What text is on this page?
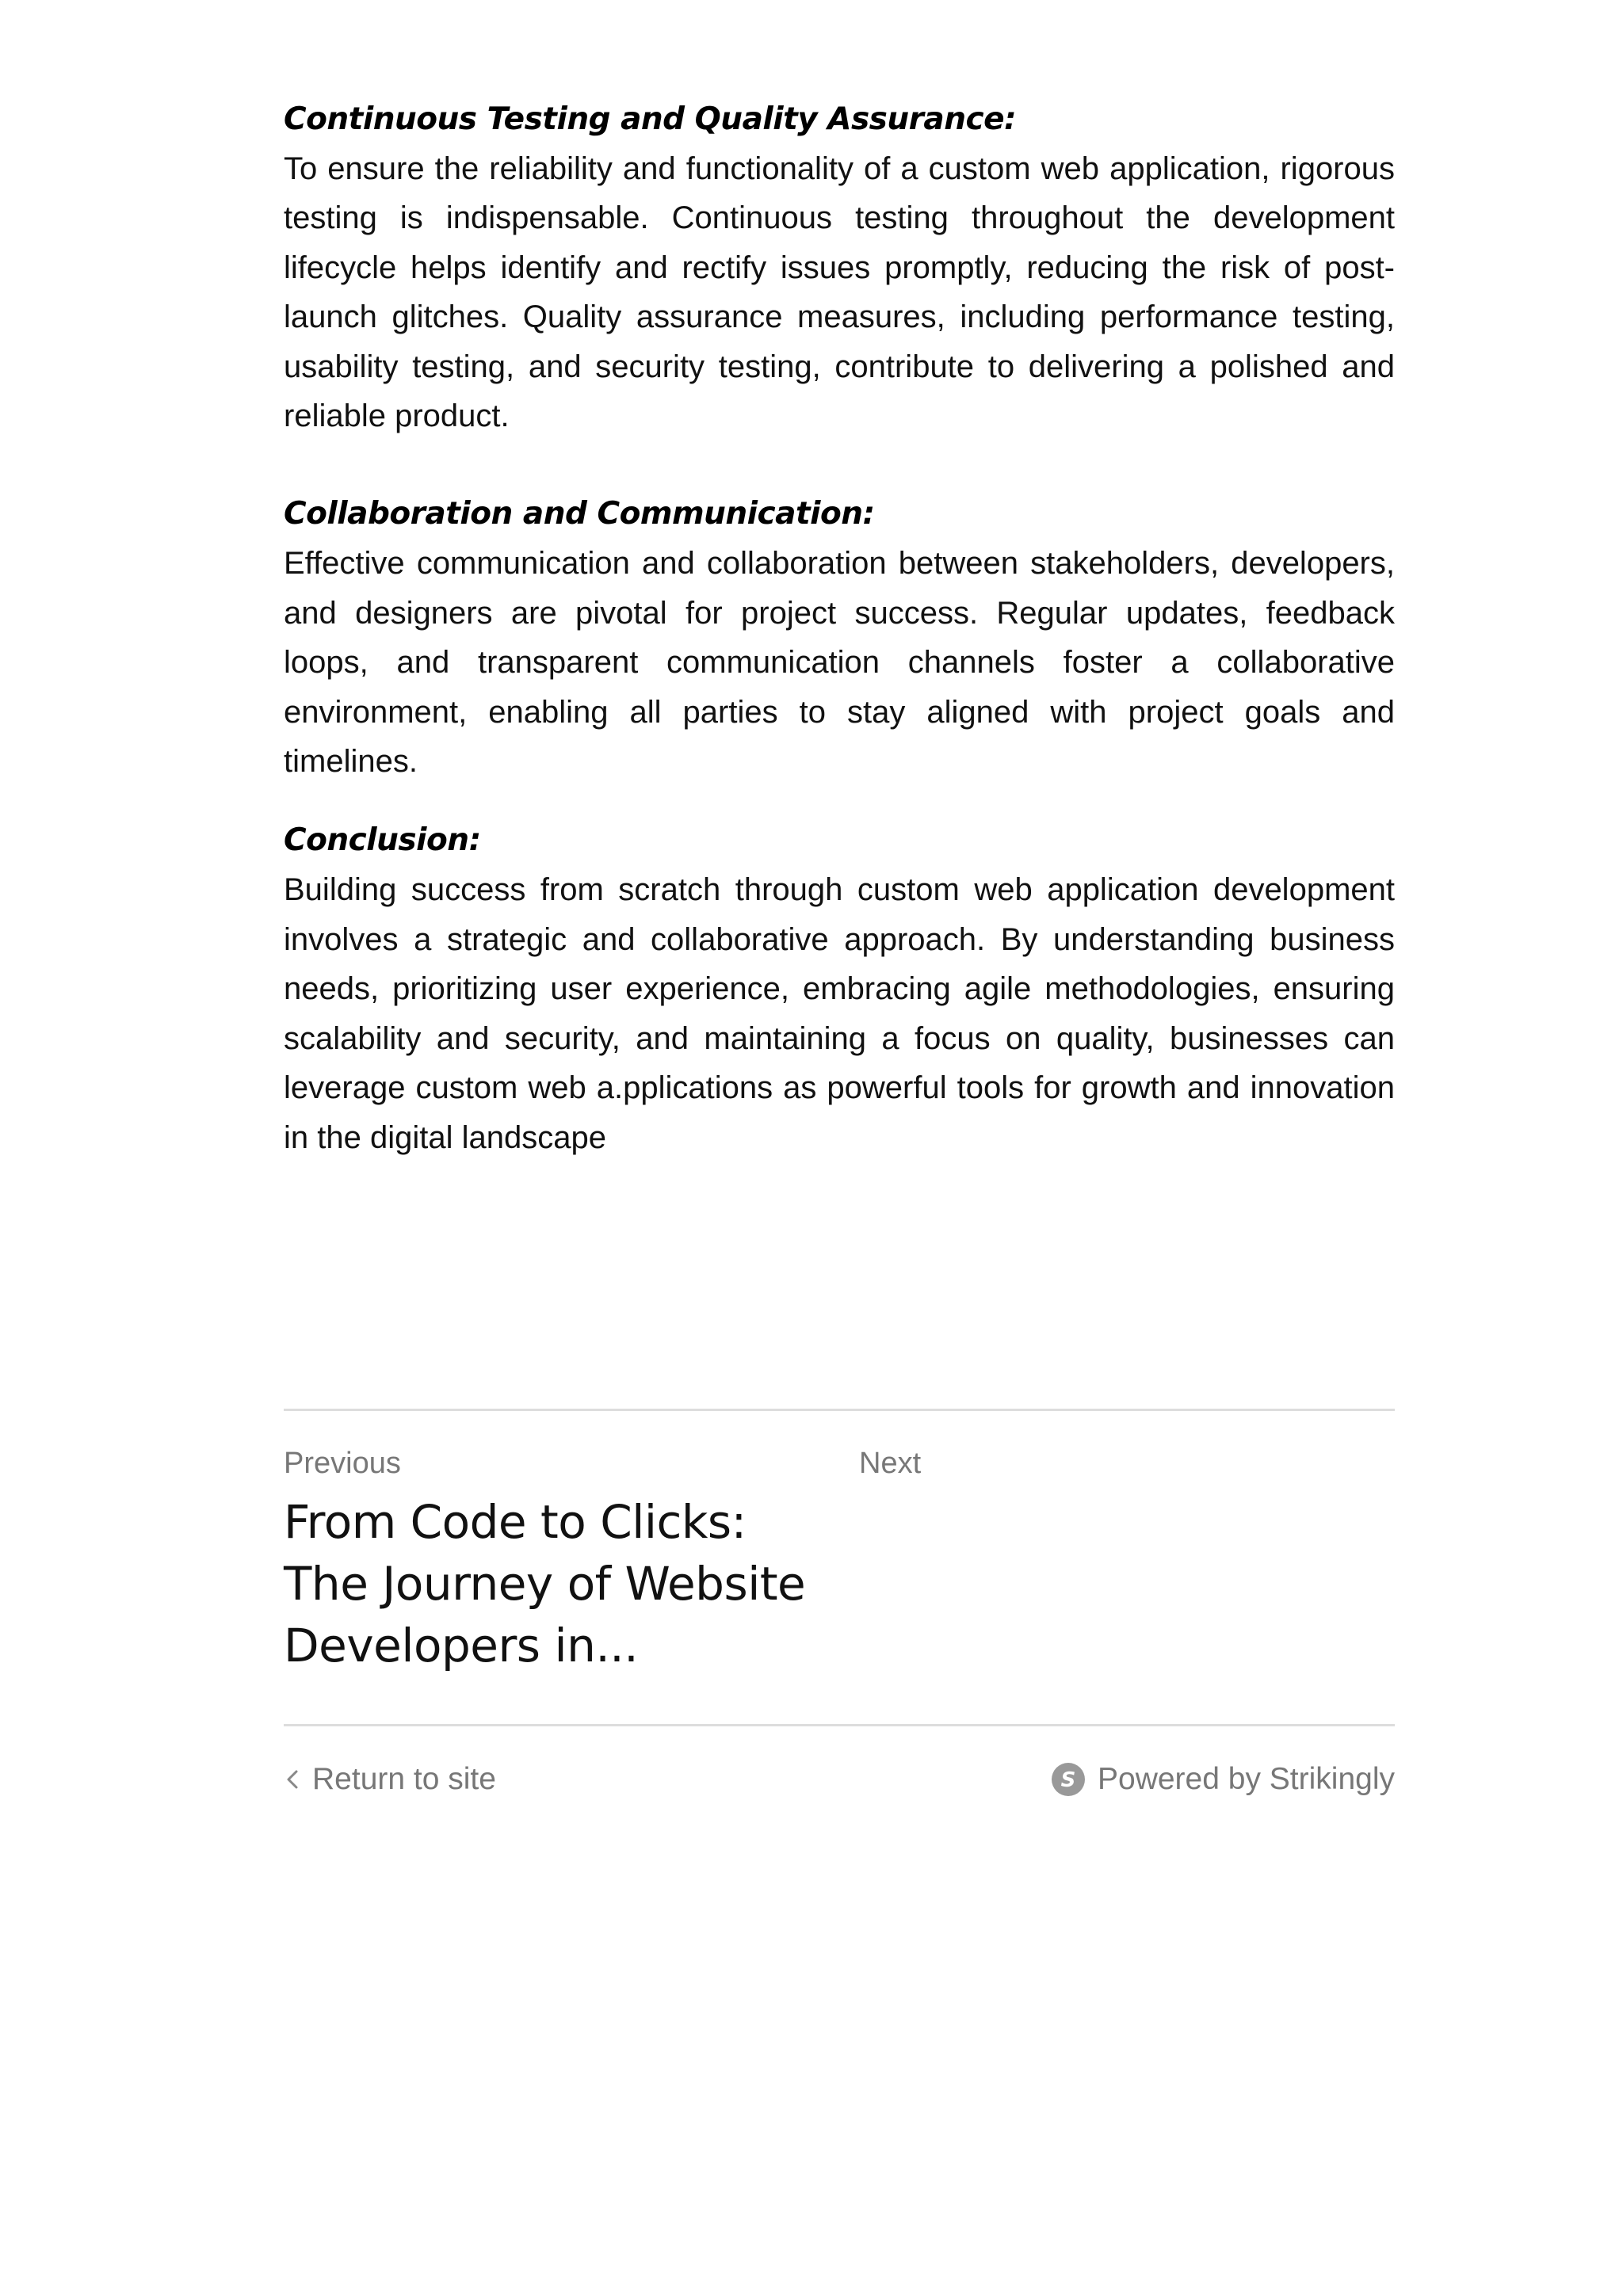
Continuous Testing and Quality Assurance:

To ensure the reliability and functionality of a custom web application, rigorous testing is indispensable. Continuous testing throughout the development lifecycle helps identify and rectify issues promptly, reducing the risk of post-launch glitches. Quality assurance measures, including performance testing, usability testing, and security testing, contribute to delivering a polished and reliable product.

Collaboration and Communication:

Effective communication and collaboration between stakeholders, developers, and designers are pivotal for project success. Regular updates, feedback loops, and transparent communication channels foster a collaborative environment, enabling all parties to stay aligned with project goals and timelines.

Conclusion:

Building success from scratch through custom web application development involves a strategic and collaborative approach. By understanding business needs, prioritizing user experience, embracing agile methodologies, ensuring scalability and security, and maintaining a focus on quality, businesses can leverage custom web a.pplications as powerful tools for growth and innovation in the digital landscape

Previous
From Code to Clicks: The Journey of Website Developers in...
Next
Return to site	S Powered by Strikingly
